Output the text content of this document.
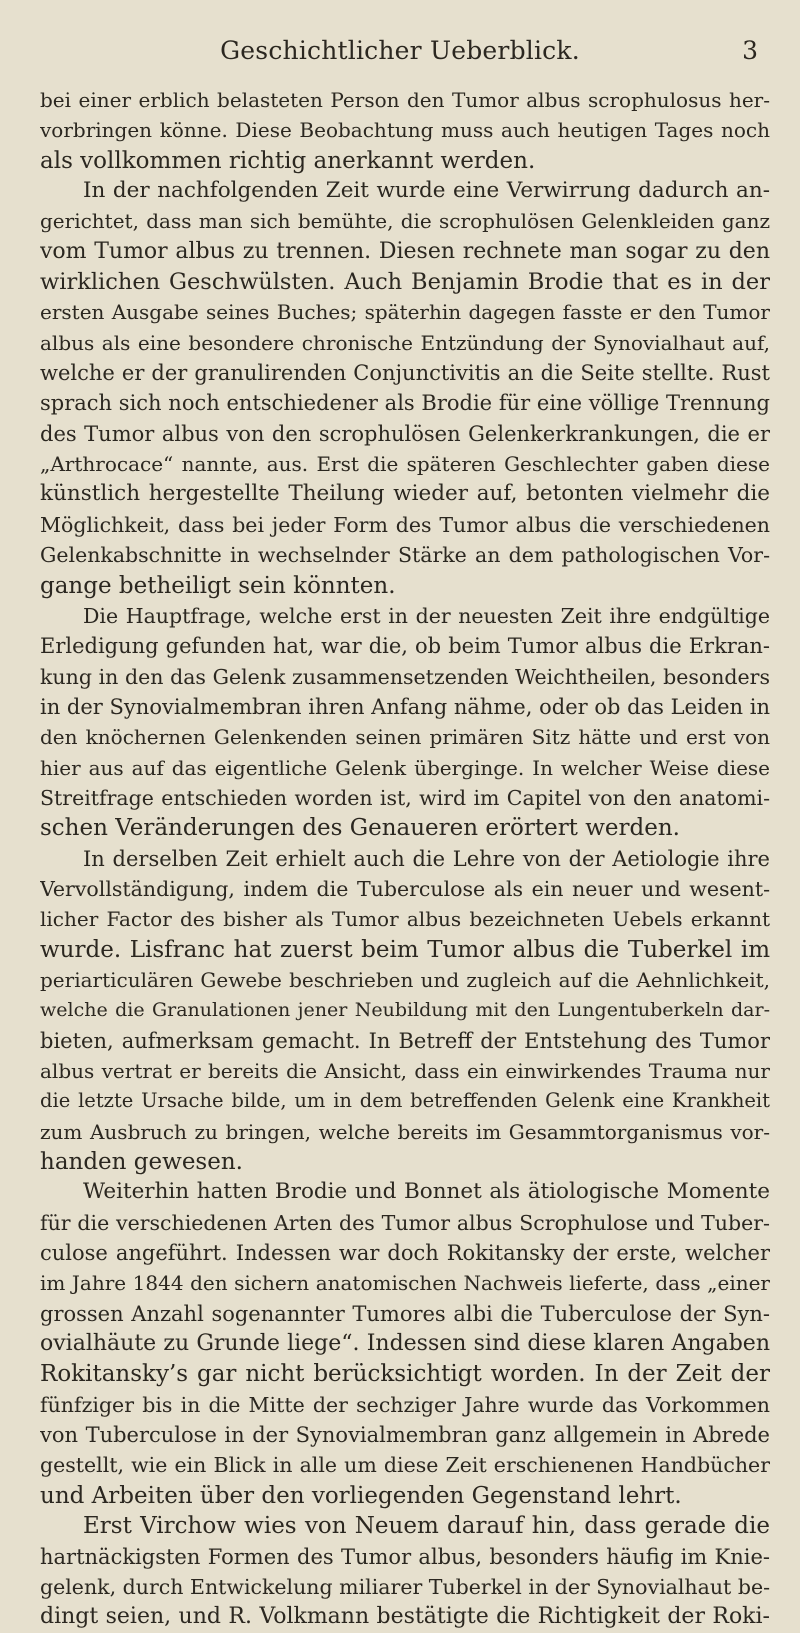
Geschichtlicher Ueberblick.	3
bei einer erblich belasteten Person den Tumor albus scrophulosus her-
vorbringen könne. Diese Beobachtung muss auch heutigen Tages noch
als vollkommen richtig anerkannt werden.
In der nachfolgenden Zeit wurde eine Verwirrung dadurch an-
gerichtet, dass man sich bemühte, die scrophulösen Gelenkleiden ganz
vom Tumor albus zu trennen. Diesen rechnete man sogar zu den
wirklichen Geschwülsten. Auch Benjamin Brodie that es in der
ersten Ausgabe seines Buches; späterhin dagegen fasste er den Tumor
albus als eine besondere chronische Entzündung der Synovialhaut auf,
welche er der granulirenden Conjunctivitis an die Seite stellte. Rust
sprach sich noch entschiedener als Brodie für eine völlige Trennung
des Tumor albus von den scrophulösen Gelenkerkrankungen, die er
„Arthrocace“ nannte, aus. Erst die späteren Geschlechter gaben diese
künstlich hergestellte Theilung wieder auf, betonten vielmehr die
Möglichkeit, dass bei jeder Form des Tumor albus die verschiedenen
Gelenkabschnitte in wechselnder Stärke an dem pathologischen Vor-
gange betheiligt sein könnten.
Die Hauptfrage, welche erst in der neuesten Zeit ihre endgültige
Erledigung gefunden hat, war die, ob beim Tumor albus die Erkran-
kung in den das Gelenk zusammensetzenden Weichtheilen, besonders
in der Synovialmembran ihren Anfang nähme, oder ob das Leiden in
den knöchernen Gelenkenden seinen primären Sitz hätte und erst von
hier aus auf das eigentliche Gelenk überginge. In welcher Weise diese
Streitfrage entschieden worden ist, wird im Capitel von den anatomi-
schen Veränderungen des Genaueren erörtert werden.
In derselben Zeit erhielt auch die Lehre von der Aetiologie ihre
Vervollständigung, indem die Tuberculose als ein neuer und wesent-
licher Factor des bisher als Tumor albus bezeichneten Uebels erkannt
wurde. Lisfranc hat zuerst beim Tumor albus die Tuberkel im
periarticulären Gewebe beschrieben und zugleich auf die Aehnlichkeit,
welche die Granulationen jener Neubildung mit den Lungentuberkeln dar-
bieten, aufmerksam gemacht. In Betreff der Entstehung des Tumor
albus vertrat er bereits die Ansicht, dass ein einwirkendes Trauma nur
die letzte Ursache bilde, um in dem betreffenden Gelenk eine Krankheit
zum Ausbruch zu bringen, welche bereits im Gesammtorganismus vor-
handen gewesen.
Weiterhin hatten Brodie und Bonnet als ätiologische Momente
für die verschiedenen Arten des Tumor albus Scrophulose und Tuber-
culose angeführt. Indessen war doch Rokitansky der erste, welcher
im Jahre 1844 den sichern anatomischen Nachweis lieferte, dass „einer
grossen Anzahl sogenannter Tumores albi die Tuberculose der Syn-
ovialhäute zu Grunde liege“. Indessen sind diese klaren Angaben
Rokitansky’s gar nicht berücksichtigt worden. In der Zeit der
fünfziger bis in die Mitte der sechziger Jahre wurde das Vorkommen
von Tuberculose in der Synovialmembran ganz allgemein in Abrede
gestellt, wie ein Blick in alle um diese Zeit erschienenen Handbücher
und Arbeiten über den vorliegenden Gegenstand lehrt.
Erst Virchow wies von Neuem darauf hin, dass gerade die
hartnäckigsten Formen des Tumor albus, besonders häufig im Knie-
gelenk, durch Entwickelung miliarer Tuberkel in der Synovialhaut be-
dingt seien, und R. Volkmann bestätigte die Richtigkeit der Roki-
